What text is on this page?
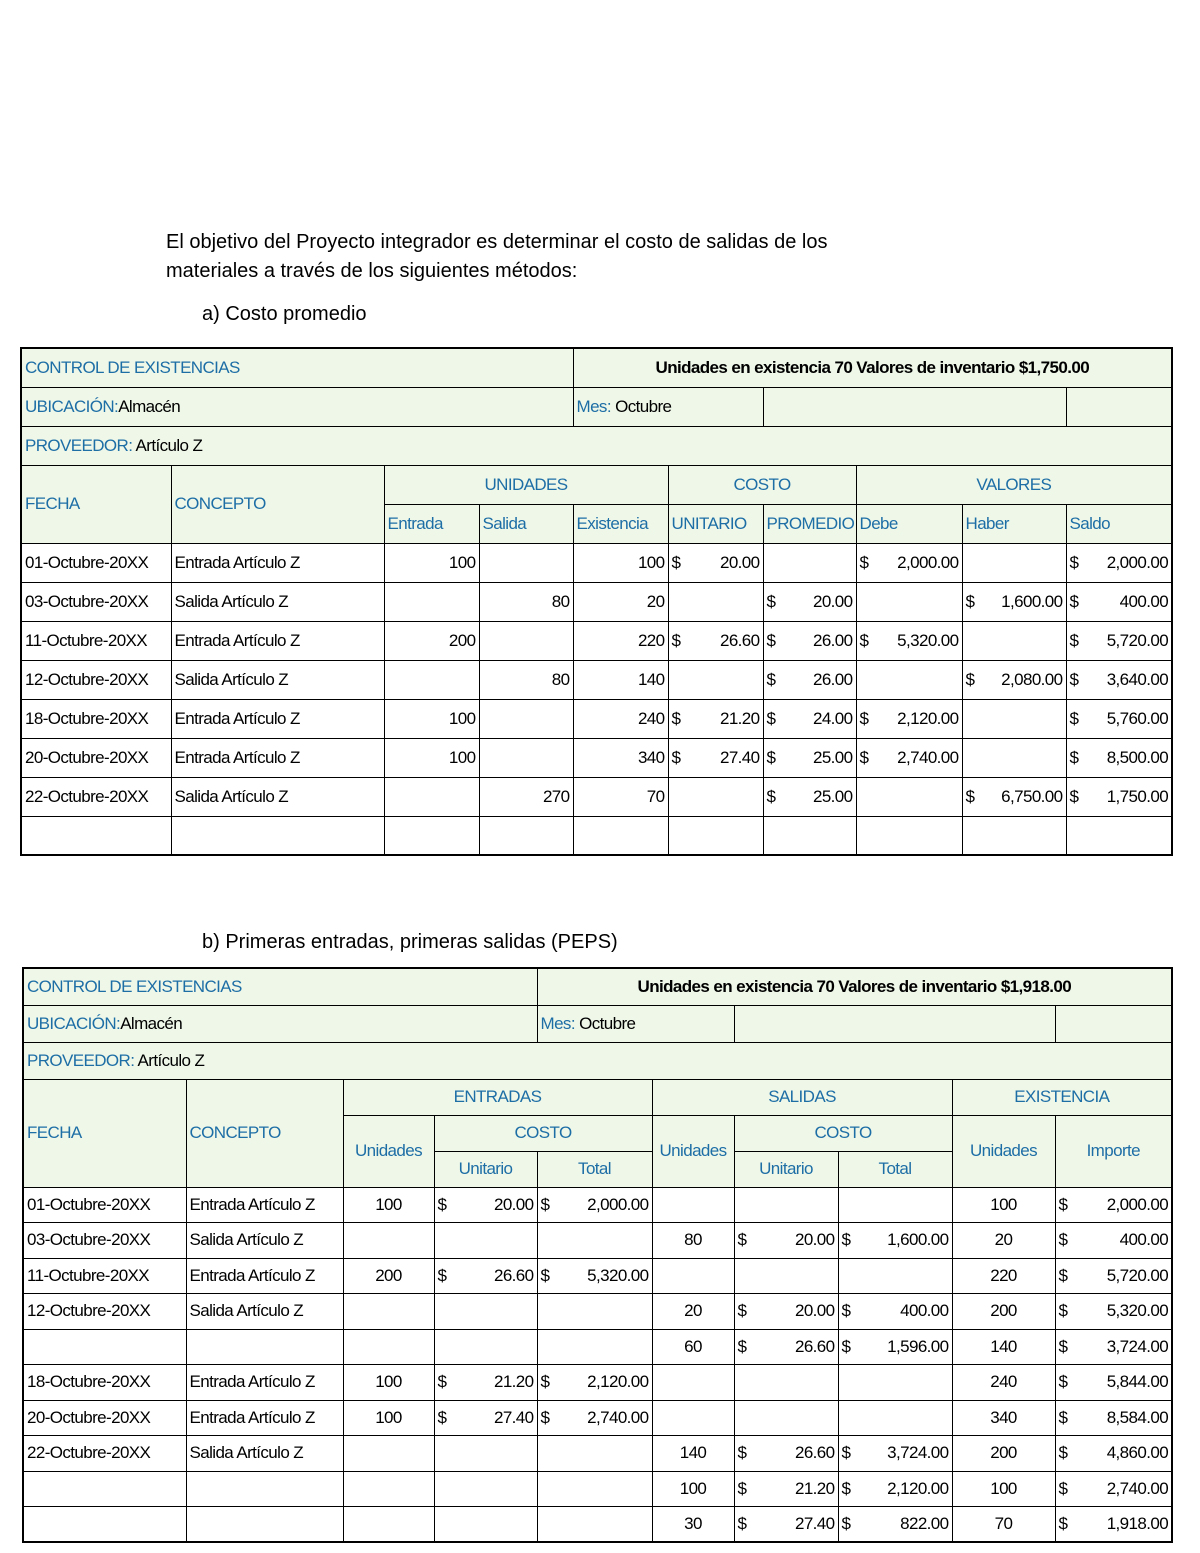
El objetivo del Proyecto integrador es determinar el costo de salidas de los
materiales a través de los siguientes métodos:
a) Costo promedio
CONTROL DE EXISTENCIAS				Unidades en existencia 70 Valores de inventario $1,750.00					
UBICACIÓN:Almacén				Mes: Octubre					
PROVEEDOR: Artículo Z									
FECHA	CONCEPTO	UNIDADES			COSTO		VALORES		
		Entrada	Salida	Existencia	UNITARIO	PROMEDIO	Debe	Haber	Saldo
01-Octubre-20XX	Entrada Artículo Z	100		100	$ 20.00		$ 2,000.00		$ 2,000.00

03-Octubre-20XX	Salida Artículo Z		80	20		$ 20.00		$ 1,600.00	$ 400.00

11-Octubre-20XX	Entrada Artículo Z	200		220	$ 26.60	$ 26.00	$ 5,320.00		$ 5,720.00

12-Octubre-20XX	Salida Artículo Z		80	140		$ 26.00		$ 2,080.00	$ 3,640.00

18-Octubre-20XX	Entrada Artículo Z	100		240	$ 21.20	$ 24.00	$ 2,120.00		$ 5,760.00

20-Octubre-20XX	Entrada Artículo Z	100		340	$ 27.40	$ 25.00	$ 2,740.00		$ 8,500.00

22-Octubre-20XX	Salida Artículo Z		270	70		$ 25.00		$ 6,750.00	$ 1,750.00

b) Primeras entradas, primeras salidas (PEPS)
CONTROL DE EXISTENCIAS				Unidades en existencia 70 Valores de inventario $1,918.00					
UBICACIÓN:Almacén				Mes: Octubre					
PROVEEDOR: Artículo Z									
FECHA	CONCEPTO	ENTRADAS			SALIDAS			EXISTENCIA	
		Unidades	COSTO		Unidades	COSTO		Unidades	Importe
			Unitario	Total		Unitario	Total		
01-Octubre-20XX	Entrada Artículo Z	100	$ 20.00	$ 2,000.00				100	$ 2,000.00

03-Octubre-20XX	Salida Artículo Z				80	$ 20.00	$ 1,600.00	20	$ 400.00

11-Octubre-20XX	Entrada Artículo Z	200	$ 26.60	$ 5,320.00				220	$ 5,720.00

12-Octubre-20XX	Salida Artículo Z				20	$ 20.00	$ 400.00	200	$ 5,320.00

					60	$ 26.60	$ 1,596.00	140	$ 3,724.00

18-Octubre-20XX	Entrada Artículo Z	100	$ 21.20	$ 2,120.00				240	$ 5,844.00

20-Octubre-20XX	Entrada Artículo Z	100	$ 27.40	$ 2,740.00				340	$ 8,584.00

22-Octubre-20XX	Salida Artículo Z				140	$ 26.60	$ 3,724.00	200	$ 4,860.00

					100	$ 21.20	$ 2,120.00	100	$ 2,740.00

					30	$ 27.40	$ 822.00	70	$ 1,918.00
